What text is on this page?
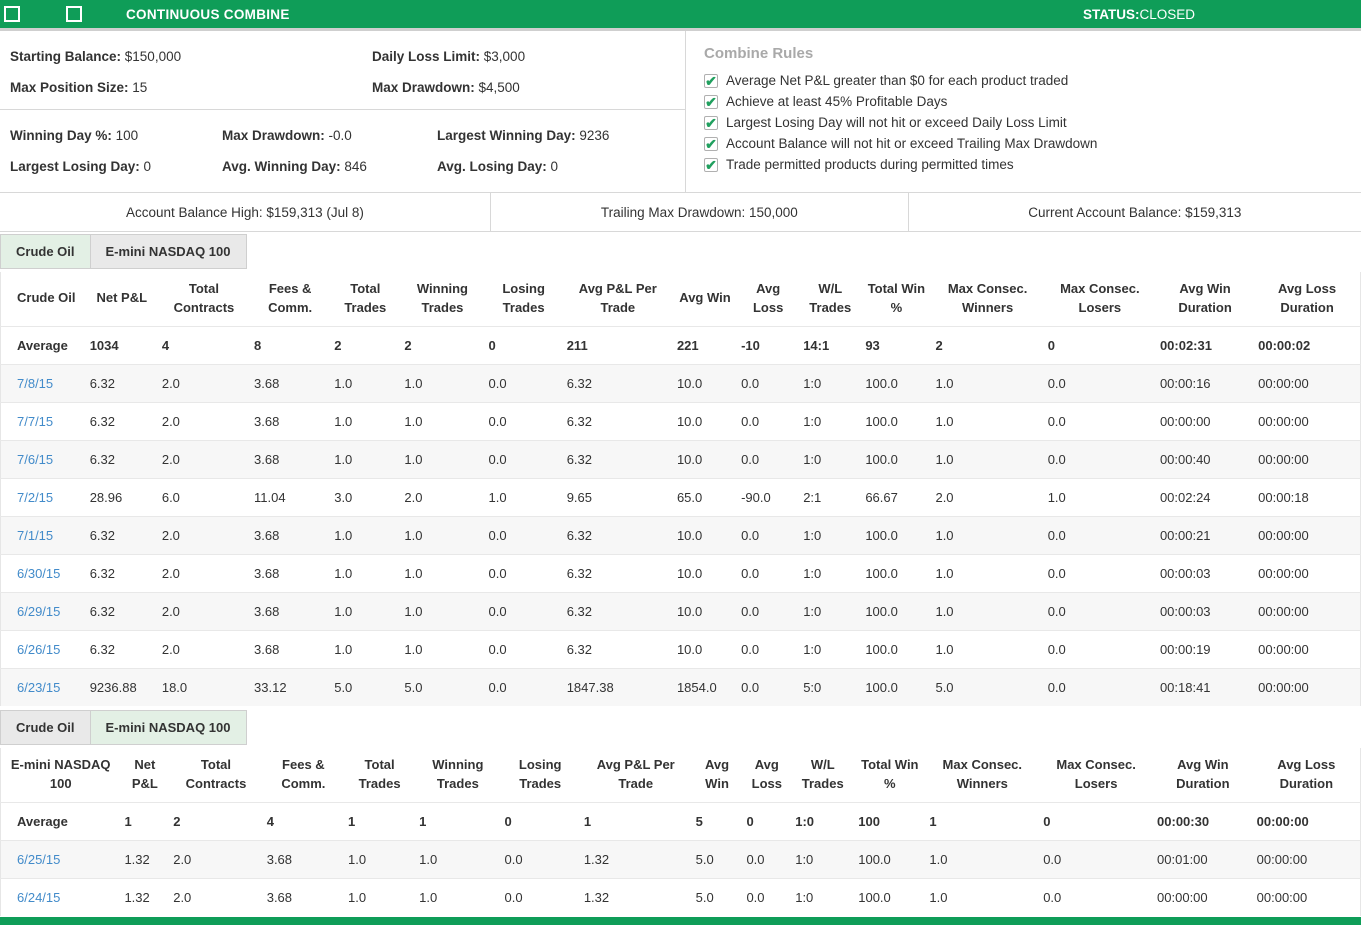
CONTINUOUS COMBINE	STATUS:CLOSED
Starting Balance: $150,000	Daily Loss Limit: $3,000
Max Position Size: 15	Max Drawdown: $4,500
Winning Day %: 100	Max Drawdown: -0.0	Largest Winning Day: 9236
Largest Losing Day: 0	Avg. Winning Day: 846	Avg. Losing Day: 0
Combine Rules
✔ Average Net P&L greater than $0 for each product traded
✔ Achieve at least 45% Profitable Days
✔ Largest Losing Day will not hit or exceed Daily Loss Limit
✔ Account Balance will not hit or exceed Trailing Max Drawdown
✔ Trade permitted products during permitted times
Account Balance High: $159,313 (Jul 8)	Trailing Max Drawdown: 150,000	Current Account Balance: $159,313
Crude Oil	E-mini NASDAQ 100
Crude Oil	Net P&L	Total Contracts	Fees & Comm.	Total Trades	Winning Trades	Losing Trades	Avg P&L Per Trade	Avg Win	Avg Loss	W/L Trades	Total Win %	Max Consec. Winners	Max Consec. Losers	Avg Win Duration	Avg Loss Duration
Average	1034	4	8	2	2	0	211	221	-10	14:1	93	2	0	00:02:31	00:00:02
7/8/15	6.32	2.0	3.68	1.0	1.0	0.0	6.32	10.0	0.0	1:0	100.0	1.0	0.0	00:00:16	00:00:00
7/7/15	6.32	2.0	3.68	1.0	1.0	0.0	6.32	10.0	0.0	1:0	100.0	1.0	0.0	00:00:00	00:00:00
7/6/15	6.32	2.0	3.68	1.0	1.0	0.0	6.32	10.0	0.0	1:0	100.0	1.0	0.0	00:00:40	00:00:00
7/2/15	28.96	6.0	11.04	3.0	2.0	1.0	9.65	65.0	-90.0	2:1	66.67	2.0	1.0	00:02:24	00:00:18
7/1/15	6.32	2.0	3.68	1.0	1.0	0.0	6.32	10.0	0.0	1:0	100.0	1.0	0.0	00:00:21	00:00:00
6/30/15	6.32	2.0	3.68	1.0	1.0	0.0	6.32	10.0	0.0	1:0	100.0	1.0	0.0	00:00:03	00:00:00
6/29/15	6.32	2.0	3.68	1.0	1.0	0.0	6.32	10.0	0.0	1:0	100.0	1.0	0.0	00:00:03	00:00:00
6/26/15	6.32	2.0	3.68	1.0	1.0	0.0	6.32	10.0	0.0	1:0	100.0	1.0	0.0	00:00:19	00:00:00
6/23/15	9236.88	18.0	33.12	5.0	5.0	0.0	1847.38	1854.0	0.0	5:0	100.0	5.0	0.0	00:18:41	00:00:00
Crude Oil	E-mini NASDAQ 100
E-mini NASDAQ 100	Net P&L	Total Contracts	Fees & Comm.	Total Trades	Winning Trades	Losing Trades	Avg P&L Per Trade	Avg Win	Avg Loss	W/L Trades	Total Win %	Max Consec. Winners	Max Consec. Losers	Avg Win Duration	Avg Loss Duration
Average	1	2	4	1	1	0	1	5	0	1:0	100	1	0	00:00:30	00:00:00
6/25/15	1.32	2.0	3.68	1.0	1.0	0.0	1.32	5.0	0.0	1:0	100.0	1.0	0.0	00:01:00	00:00:00
6/24/15	1.32	2.0	3.68	1.0	1.0	0.0	1.32	5.0	0.0	1:0	100.0	1.0	0.0	00:00:00	00:00:00
